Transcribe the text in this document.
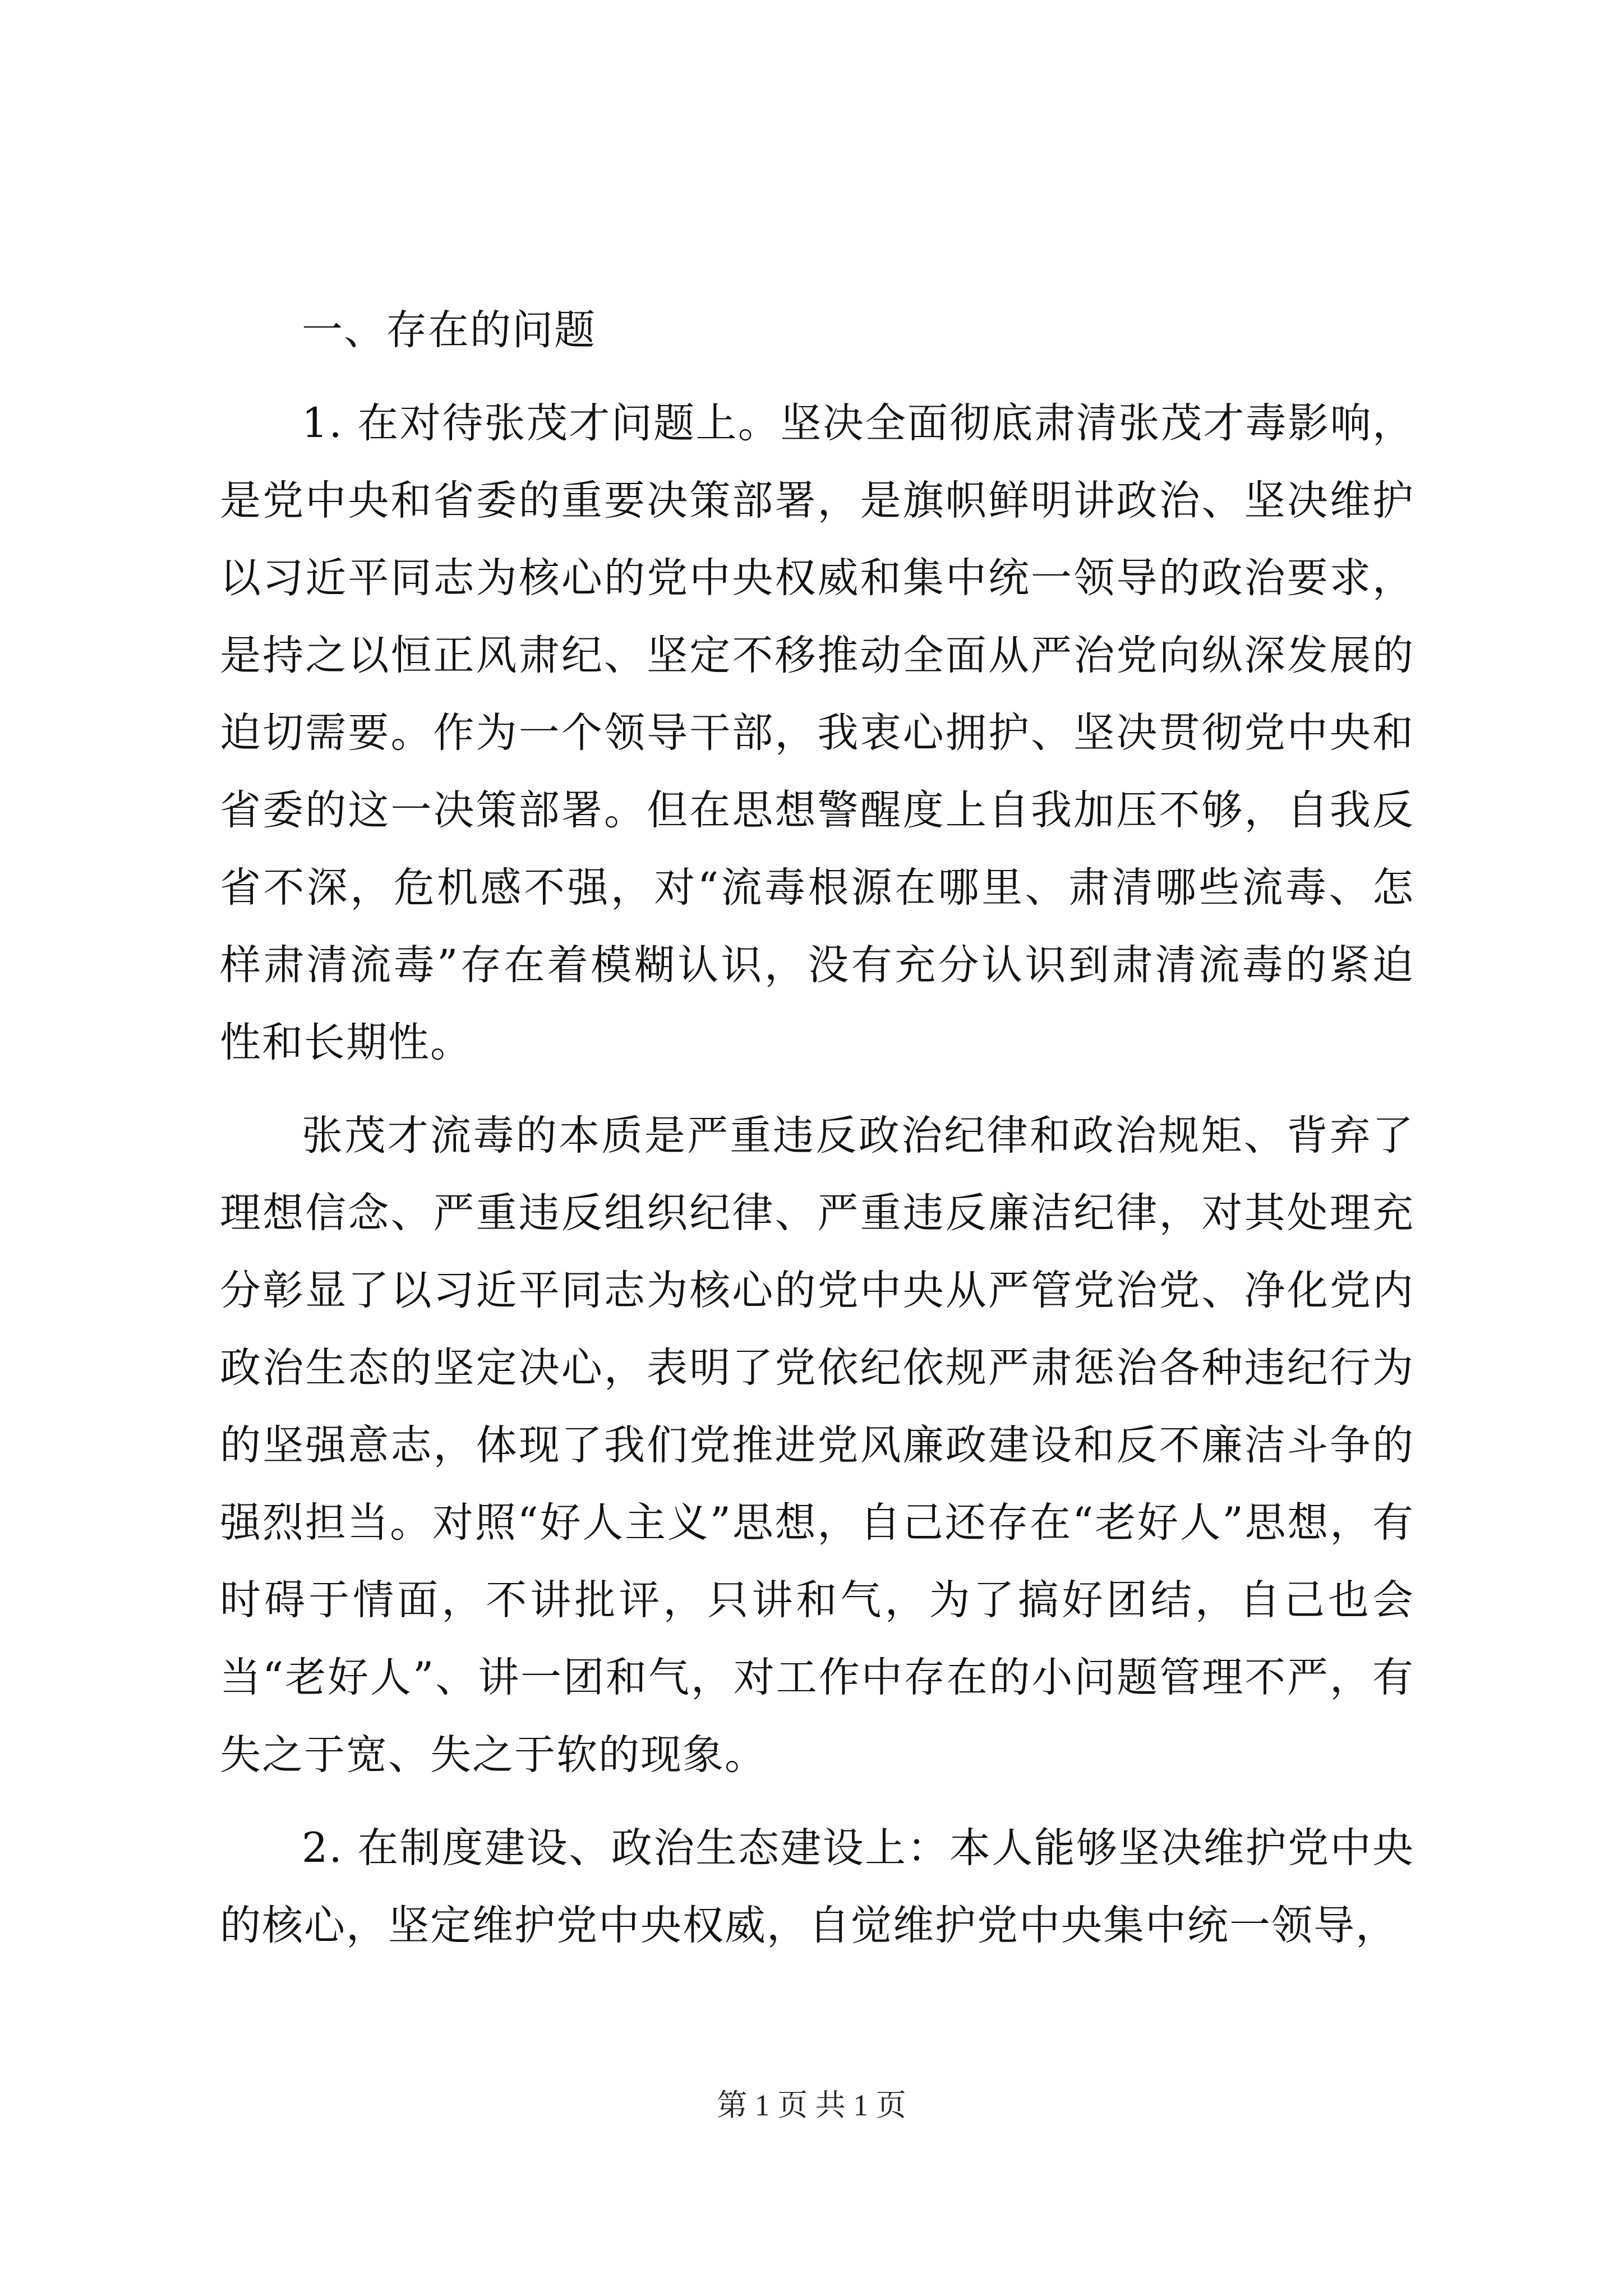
一、存在的问题

1. 在对待张茂才问题上。坚决全面彻底肃清张茂才毒影响，是党中央和省委的重要决策部署，是旗帜鲜明讲政治、坚决维护以习近平同志为核心的党中央权威和集中统一领导的政治要求，是持之以恒正风肃纪、坚定不移推动全面从严治党向纵深发展的迫切需要。作为一个领导干部，我衷心拥护、坚决贯彻党中央和省委的这一决策部署。但在思想警醒度上自我加压不够，自我反省不深，危机感不强，对“流毒根源在哪里、肃清哪些流毒、怎样肃清流毒”存在着模糊认识，没有充分认识到肃清流毒的紧迫性和长期性。

张茂才流毒的本质是严重违反政治纪律和政治规矩、背弃了理想信念、严重违反组织纪律、严重违反廉洁纪律，对其处理充分彰显了以习近平同志为核心的党中央从严管党治党、净化党内政治生态的坚定决心，表明了党依纪依规严肃惩治各种违纪行为的坚强意志，体现了我们党推进党风廉政建设和反不廉洁斗争的强烈担当。对照“好人主义”思想，自己还存在“老好人”思想，有时碍于情面，不讲批评，只讲和气，为了搞好团结，自己也会当“老好人”、讲一团和气，对工作中存在的小问题管理不严，有失之于宽、失之于软的现象。

2. 在制度建设、政治生态建设上：本人能够坚决维护党中央的核心，坚定维护党中央权威，自觉维护党中央集中统一领导，

第 1 页 共 1 页
